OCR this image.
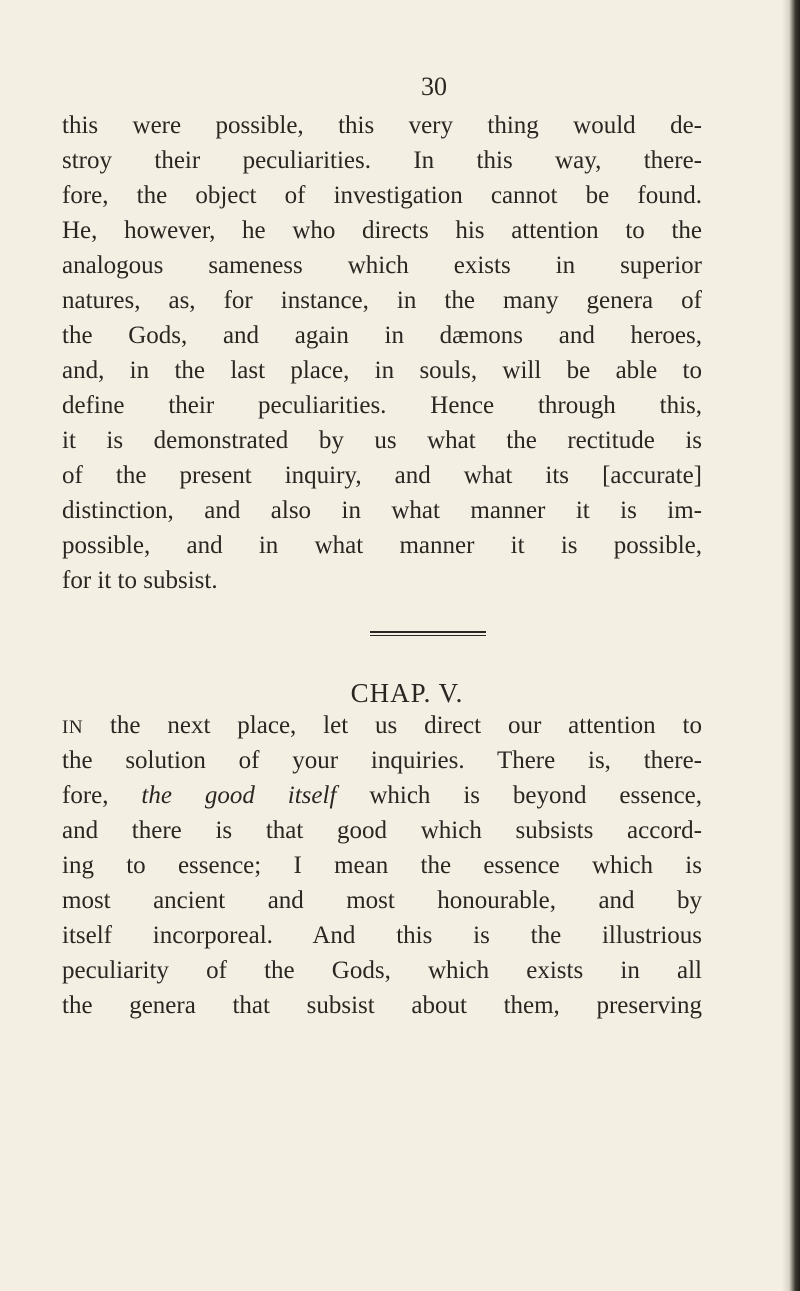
30
this were possible, this very thing would de-
stroy their peculiarities. In this way, there-
fore, the object of investigation cannot be found.
He, however, he who directs his attention to the
analogous sameness which exists in superior
natures, as, for instance, in the many genera of
the Gods, and again in dæmons and heroes,
and, in the last place, in souls, will be able to
define their peculiarities. Hence through this,
it is demonstrated by us what the rectitude is
of the present inquiry, and what its [accurate]
distinction, and also in what manner it is im-
possible, and in what manner it is possible,
for it to subsist.
CHAP. V.
IN the next place, let us direct our attention to
the solution of your inquiries. There is, there-
fore, the good itself which is beyond essence,
and there is that good which subsists accord-
ing to essence; I mean the essence which is
most ancient and most honourable, and by
itself incorporeal. And this is the illustrious
peculiarity of the Gods, which exists in all
the genera that subsist about them, preserving
